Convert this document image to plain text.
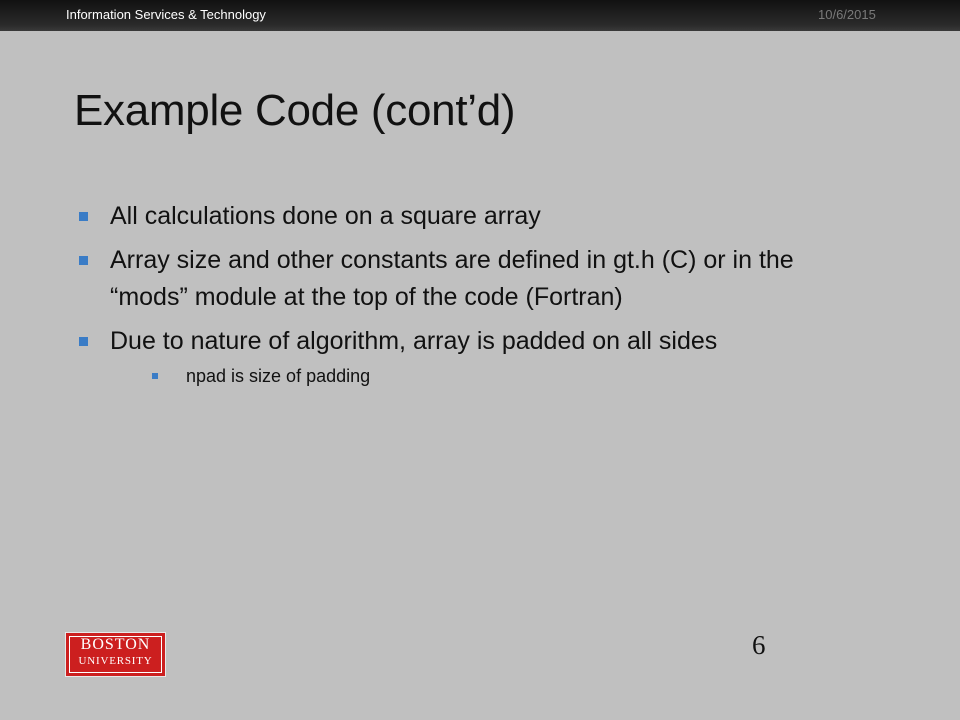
Information Services & Technology	10/6/2015
Example Code (cont’d)
All calculations done on a square array
Array size and other constants are defined in gt.h (C) or in the “mods” module at the top of the code (Fortran)
Due to nature of algorithm, array is padded on all sides
npad is size of padding
BOSTON
UNIVERSITY
6
